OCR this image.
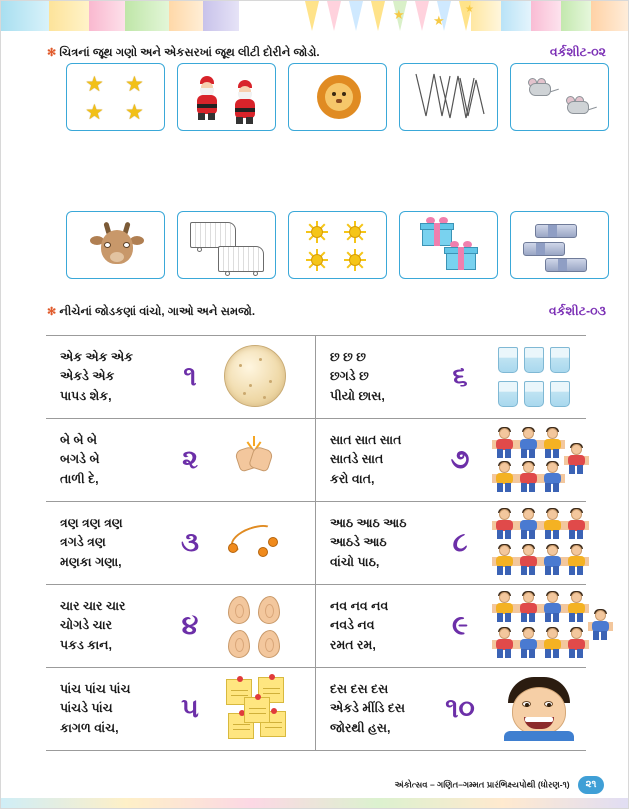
★ ★
★
✻ ચિત્રનાં જૂથ ગણો અને એકસરખાં જૂથ લીટી દોરીને જોડો.	વર્કશીટ-૦૨
★ ★
★ ★
✻ નીચેનાં જોડકણાં વાંચો, ગાઓ અને સમજો.	વર્કશીટ-૦૩
એક એક એક
એકડે એક
પાપડ શેક,
૧
છ છ છ
છગડે છ
પીયો છાસ,
૬
બે બે બે
બગડે બે
તાળી દે,
૨
સાત સાત સાત
સાતડે સાત
કરો વાત,
૭
ત્રણ ત્રણ ત્રણ
ત્રગડે ત્રણ
મણકા ગણા,
૩
આઠ આઠ આઠ
આઠડે આઠ
વાંચો પાઠ,
૮
ચાર ચાર ચાર
ચોગડે ચાર
પકડ કાન,
૪
નવ નવ નવ
નવડે નવ
રમત રમ,
૯
પાંચ પાંચ પાંચ
પાંચડે પાંચ
કાગળ વાંચ,
૫
દસ દસ દસ
એકડે મીંડિ દસ
જોરથી હસ,
૧૦
અંકોત્સવ – ગણિત–ગમ્મત પ્રારંભિક્ષ્યપોથી (ધોરણ-૧) ૨૧
